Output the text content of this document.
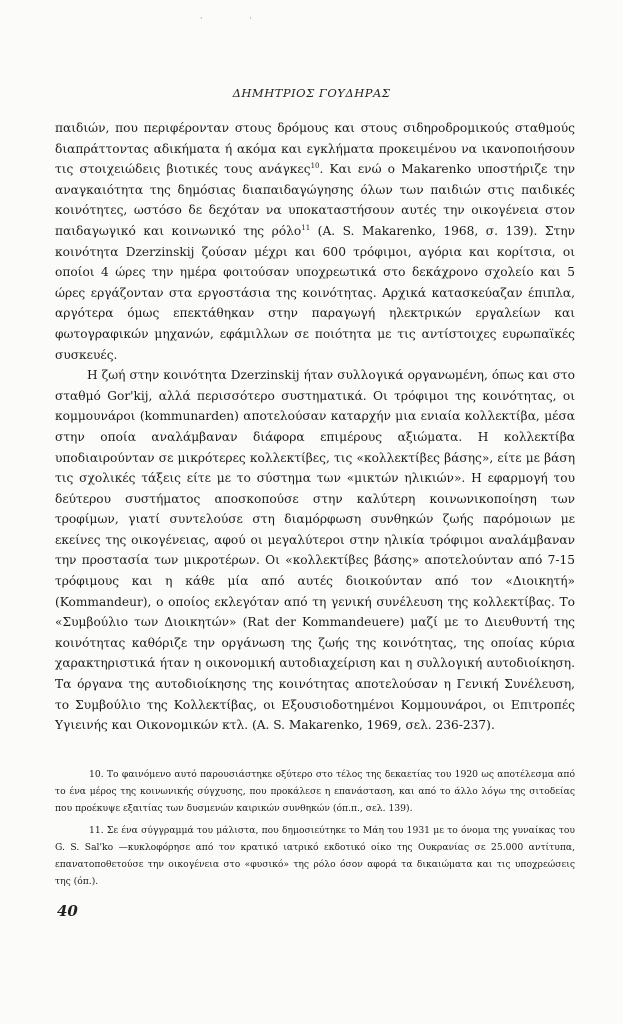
· ·
ΔΗΜΗΤΡΙΟΣ ΓΟΥΔΗΡΑΣ

παιδιών, που περιφέρονταν στους δρόμους και στους σιδηροδρομικούς σταθμούς διαπράττοντας αδικήματα ή ακόμα και εγκλήματα προκειμένου να ικανοποιήσουν τις στοιχειώδεις βιοτικές τους ανάγκες$^{10}$. Και ενώ ο Makarenko υποστήριζε την αναγκαιότητα της δημόσιας διαπαιδαγώγησης όλων των παιδιών στις παιδικές κοινότητες, ωστόσο δε δεχόταν να υποκαταστήσουν αυτές την οικογένεια στον παιδαγωγικό και κοινωνικό της ρόλο$^{11}$ (A. S. Makarenko, 1968, σ. 139). Στην κοινότητα Dzerzinskij ζούσαν μέχρι και 600 τρόφιμοι, αγόρια και κορίτσια, οι οποίοι 4 ώρες την ημέρα φοιτούσαν υποχρεωτικά στο δεκάχρονο σχολείο και 5 ώρες εργάζονταν στα εργοστάσια της κοινότητας. Αρχικά κατασκεύαζαν έπιπλα, αργότερα όμως επεκτάθηκαν στην παραγωγή ηλεκτρικών εργαλείων και φωτογραφικών μηχανών, εφάμιλλων σε ποιότητα με τις αντίστοιχες ευρωπαϊκές συσκευές.

Η ζωή στην κοινότητα Dzerzinskij ήταν συλλογικά οργανωμένη, όπως και στο σταθμό Gor'kij, αλλά περισσότερο συστηματικά. Οι τρόφιμοι της κοινότητας, οι κομμουνάροι (kommunarden) αποτελούσαν καταρχήν μια ενιαία κολλεκτίβα, μέσα στην οποία αναλάμβαναν διάφορα επιμέρους αξιώματα. Η κολλεκτίβα υποδιαιρούνταν σε μικρότερες κολλεκτίβες, τις «κολλεκτίβες βάσης», είτε με βάση τις σχολικές τάξεις είτε με το σύστημα των «μικτών ηλικιών». Η εφαρμογή του δεύτερου συστήματος αποσκοπούσε στην καλύτερη κοινωνικοποίηση των τροφίμων, γιατί συντελούσε στη διαμόρφωση συνθηκών ζωής παρόμοιων με εκείνες της οικογένειας, αφού οι μεγαλύτεροι στην ηλικία τρόφιμοι αναλάμβαναν την προστασία των μικροτέρων. Οι «κολλεκτίβες βάσης» αποτελούνταν από 7-15 τρόφιμους και η κάθε μία από αυτές διοικούνταν από τον «Διοικητή» (Kommandeur), ο οποίος εκλεγόταν από τη γενική συνέλευση της κολλεκτίβας. Το «Συμβούλιο των Διοικητών» (Rat der Kommandeuere) μαζί με το Διευθυντή της κοινότητας καθόριζε την οργάνωση της ζωής της κοινότητας, της οποίας κύρια χαρακτηριστικά ήταν η οικονομική αυτοδιαχείριση και η συλλογική αυτοδιοίκηση. Τα όργανα της αυτοδιοίκησης της κοινότητας αποτελούσαν η Γενική Συνέλευση, το Συμβούλιο της Κολλεκτίβας, οι Εξουσιοδοτημένοι Κομμουνάροι, οι Επιτροπές Υγιεινής και Οικονομικών κτλ. (A. S. Makarenko, 1969, σελ. 236-237).

10. Το φαινόμενο αυτό παρουσιάστηκε οξύτερο στο τέλος της δεκαετίας του 1920 ως αποτέλεσμα από το ένα μέρος της κοινωνικής σύγχυσης, που προκάλεσε η επανάσταση, και από το άλλο λόγω της σιτοδείας που προέκυψε εξαιτίας των δυσμενών καιρικών συνθηκών (όπ.π., σελ. 139).

11. Σε ένα σύγγραμμά του μάλιστα, που δημοσιεύτηκε το Μάη του 1931 με το όνομα της γυναίκας του G. S. Sal'ko —κυκλοφόρησε από τον κρατικό ιατρικό εκδοτικό οίκο της Ουκρανίας σε 25.000 αντίτυπα, επανατοποθετούσε την οικογένεια στο «φυσικό» της ρόλο όσον αφορά τα δικαιώματα και τις υποχρεώσεις της (όπ.).

40
